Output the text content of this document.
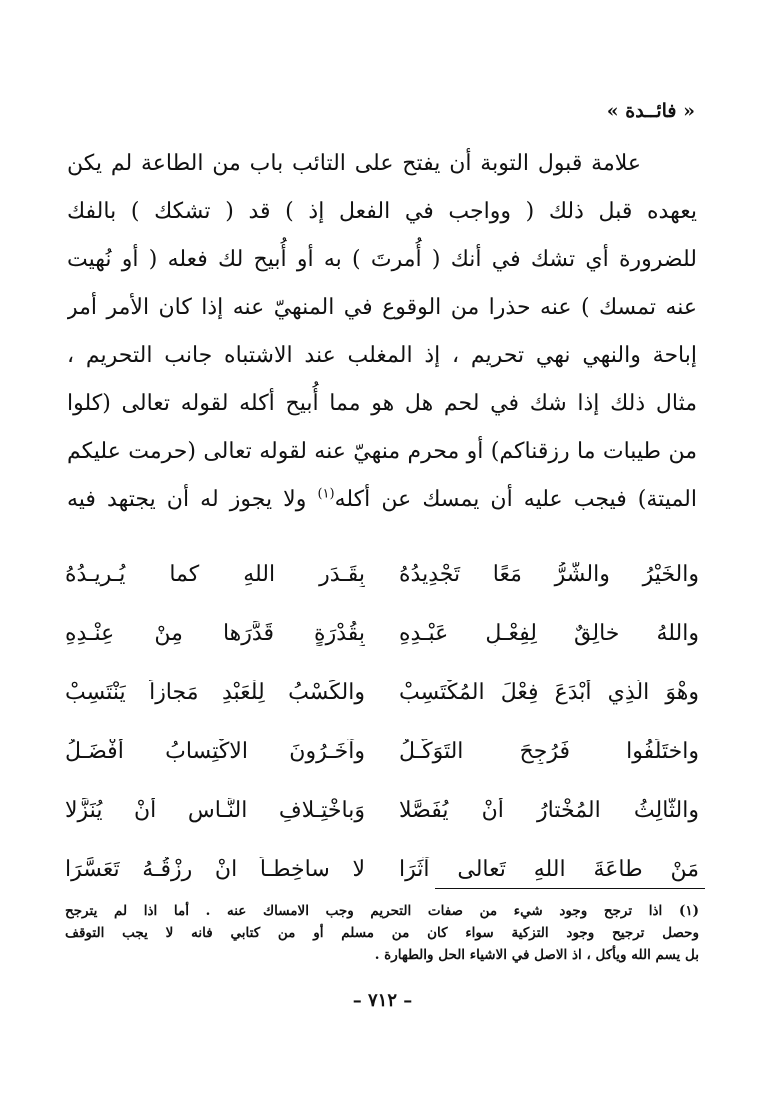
« فائــدة »
علامة قبول التوبة أن يفتح على التائب باب من الطاعة لم يكن
يعهده قبل ذلك ( وواجب في الفعل إذ ) قد ( تشكك ) بالفك
للضرورة أي تشك في أنك ( أُمرتَ ) به أو أُبيح لك فعله ( أو نُهيت
عنه تمسك ) عنه حذرا من الوقوع في المنهيّ عنه إذا كان الأمر أمر
إباحة والنهي نهي تحريم ، إذ المغلب عند الاشتباه جانب التحريم ،
مثال ذلك إذا شك في لحم هل هو مما أُبيح أكله لقوله تعالى (كلوا
من طيبات ما رزقناكم) أو محرم منهيّ عنه لقوله تعالى (حرمت عليكم
الميتة) فيجب عليه أن يمسك عن أكله$^{(١)}$ ولا يجوز له أن يجتهد فيه
والخَيْرُ والشَّرُّ مَعًا تَجْدِيدُهُ
بِقَـدَرِ اللهِ كما يُـرِيـدُهُ
واللهُ خالِقٌ لِفِعْـلِ عَبْـدِهِ
بِقُدْرَةٍ قَدَّرَها مِنْ عِنْـدِهِ
وهْوَ الّذِي أَبْدَعَ فِعْلَ المُكْتَسِبْ
والكَسْبُ لِلْعَبْدِ مَجازاً يَنْتَسِبْ
واختَلَفُوا فَرُجِحَ التَوَكُّـلُ
وآخَـرُونَ الاكْتِسابُ أَفْضَـلُ
والثَّالِثُ المُخْتارُ أَنْ يُفَصَّلا
وَباخْتِـلافِ النَّـاسِ أَنْ يُنَزَّلا
مَنْ طاعَةَ اللهِ تَعالى آثَرَا
لا ساخِطـاً انْ رِزْقُـهُ تَعَسَّرَا
(١) اذا ترجح وجود شيء من صفات التحريم وجب الامساك عنه . أما اذا لم يترجح
وحصل ترجيح وجود التزكية سواء كان من مسلم أو من كتابي فانه لا يجب التوقف
بل يسم الله ويأكل ، اذ الاصل في الاشياء الحل والطهارة .
– ٧١٢ –
